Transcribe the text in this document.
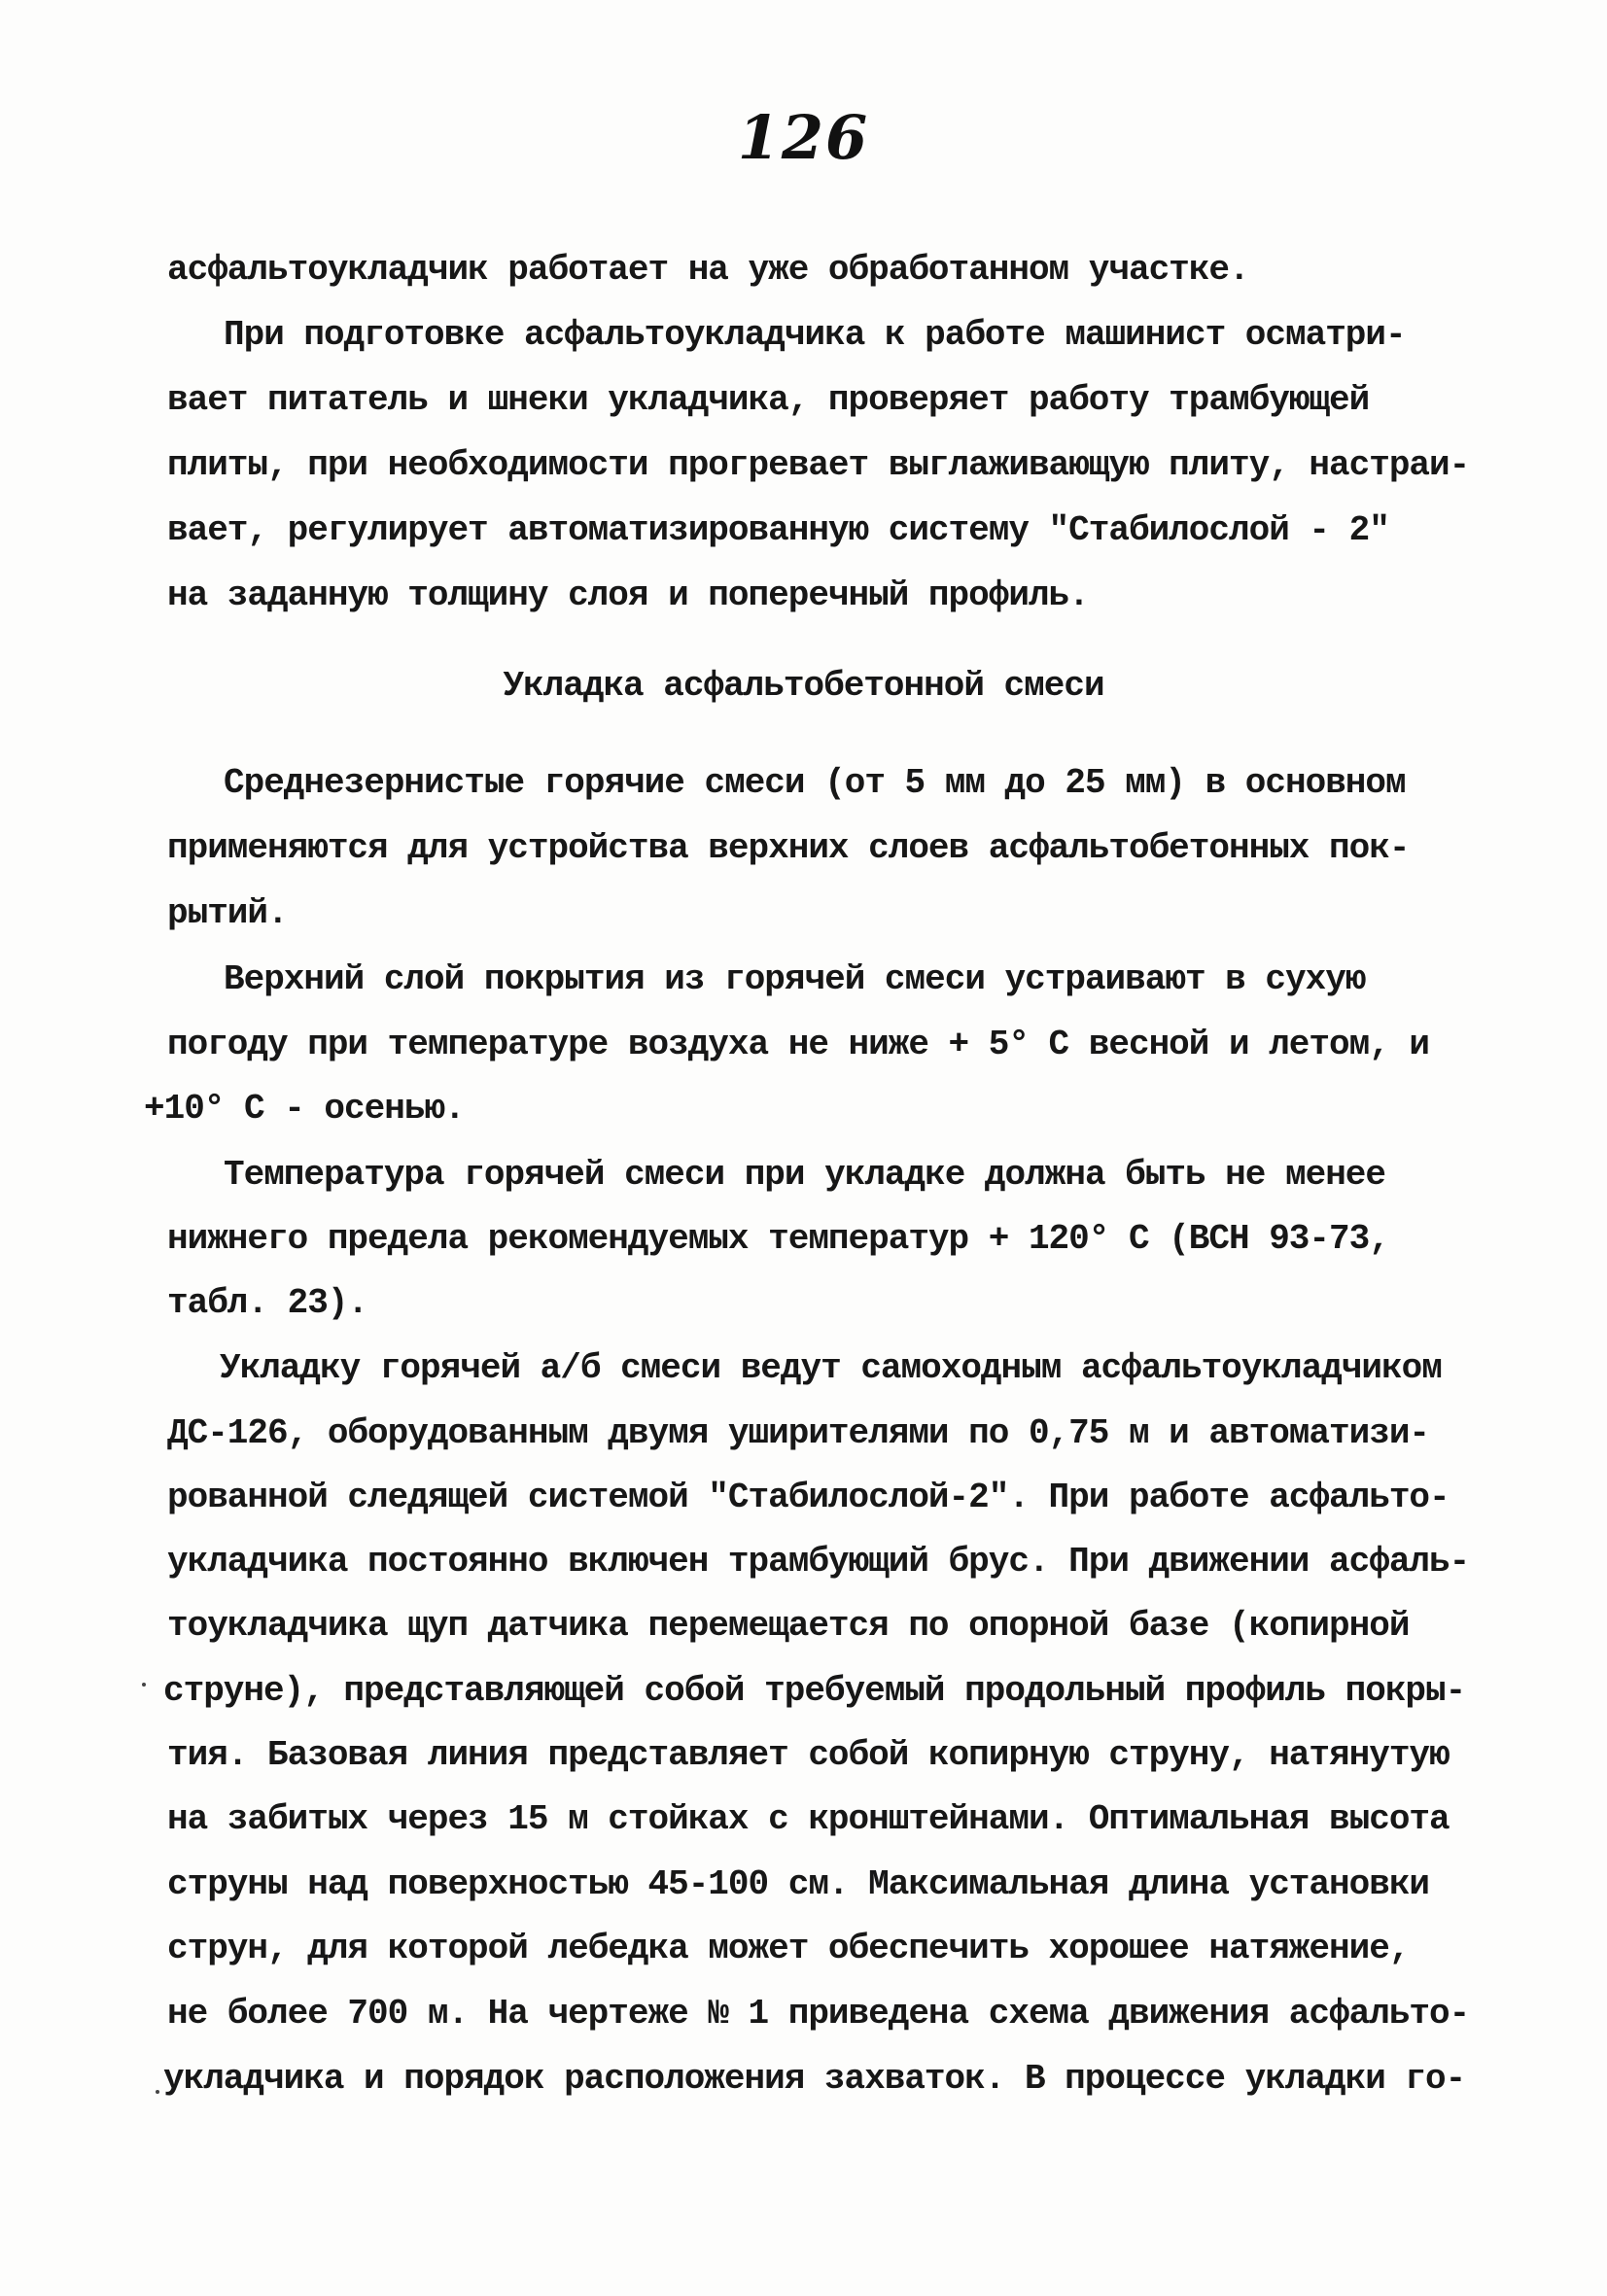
126
асфальтоукладчик работает на уже обработанном участке.
При подготовке асфальтоукладчика к работе машинист осматри-
вает питатель и шнеки укладчика, проверяет работу трамбующей
плиты, при необходимости прогревает выглаживающую плиту, настраи-
вает, регулирует автоматизированную систему "Стабилослой - 2"
на заданную толщину слоя и поперечный профиль.
Укладка асфальтобетонной смеси
Среднезернистые горячие смеси (от 5 мм до 25 мм) в основном
применяются для устройства верхних слоев асфальтобетонных пок-
рытий.
Верхний слой покрытия из горячей смеси устраивают в сухую
погоду при температуре воздуха не ниже + 5° С весной и летом, и
+10° С - осенью.
Температура горячей смеси при укладке должна быть не менее
нижнего предела рекомендуемых температур + 120° С (ВСН 93-73,
табл. 23).
Укладку горячей а/б смеси ведут самоходным асфальтоукладчиком
ДС-126, оборудованным двумя уширителями по 0,75 м и автоматизи-
рованной следящей системой "Стабилослой-2". При работе асфальто-
укладчика постоянно включен трамбующий брус. При движении асфаль-
тоукладчика щуп датчика перемещается по опорной базе (копирной
струне), представляющей собой требуемый продольный профиль покры-
тия. Базовая линия представляет собой копирную струну, натянутую
на забитых через 15 м стойках с кронштейнами. Оптимальная высота
струны над поверхностью 45-100 см. Максимальная длина установки
струн, для которой лебедка может обеспечить хорошее натяжение,
не более 700 м. На чертеже № 1 приведена схема движения асфальто-
укладчика и порядок расположения захваток. В процессе укладки го-
